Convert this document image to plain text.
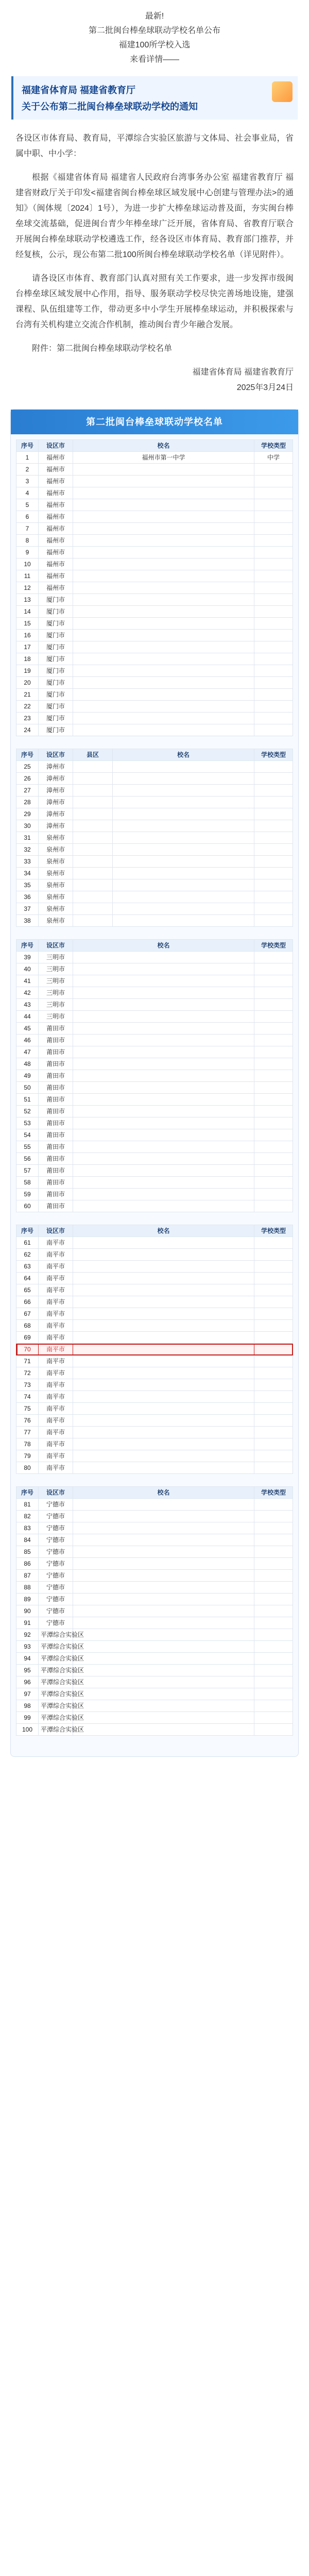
最新!
第二批闽台棒垒球联动学校名单公布
福建100所学校入选
来看详情——
福建省体育局 福建省教育厅
关于公布第二批闽台棒垒球联动学校的通知

各设区市体育局、教育局，平潭综合实验区旅游与文体局、社会事业局，省属中职、中小学：

根据《福建省体育局 福建省人民政府台湾事务办公室 福建省教育厅 福建省财政厅关于印发<福建省闽台棒垒球区域发展中心创建与管理办法>的通知》（闽体规〔2024〕1号），为进一步扩大棒垒球运动普及面，夯实闽台棒垒球交流基础，促进闽台青少年棒垒球广泛开展，省体育局、省教育厅联合开展闽台棒垒球联动学校遴选工作，经各设区市体育局、教育部门推荐，并经复核，公示，现公布第二批100所闽台棒垒球联动学校名单（详见附件）。

请各设区市体育、教育部门认真对照有关工作要求，进一步发挥市级闽台棒垒球区域发展中心作用，指导、服务联动学校尽快完善场地设施，建强课程、队伍组建等工作，带动更多中小学生开展棒垒球运动，并积极探索与台湾有关机构建立交流合作机制，推动闽台青少年融合发展。

附件：第二批闽台棒垒球联动学校名单

福建省体育局 福建省教育厅
2025年3月24日
第二批闽台棒垒球联动学校名单
序号	设区市	校名	学校类型
1	福州市	福州市第一中学	中学
2	福州市		
3	福州市		
4	福州市		
5	福州市		
6	福州市		
7	福州市		
8	福州市		
9	福州市		
10	福州市		
11	福州市		
12	福州市		
13	厦门市		
14	厦门市		
15	厦门市		
16	厦门市		
17	厦门市		
18	厦门市		
19	厦门市		
20	厦门市		
21	厦门市		
22	厦门市		
23	厦门市		
24	厦门市		
序号	设区市	县区	校名	学校类型
25	漳州市			
26	漳州市			
27	漳州市			
28	漳州市			
29	漳州市			
30	漳州市			
31	泉州市			
32	泉州市			
33	泉州市			
34	泉州市			
35	泉州市			
36	泉州市			
37	泉州市			
38	泉州市			
序号	设区市	校名	学校类型
39	三明市		
40	三明市		
41	三明市		
42	三明市		
43	三明市		
44	三明市		
45	莆田市		
46	莆田市		
47	莆田市		
48	莆田市		
49	莆田市		
50	莆田市		
51	莆田市		
52	莆田市		
53	莆田市		
54	莆田市		
55	莆田市		
56	莆田市		
57	莆田市		
58	莆田市		
59	莆田市		
60	莆田市		
序号	设区市	校名	学校类型
61	南平市		
62	南平市		
63	南平市		
64	南平市		
65	南平市		
66	南平市		
67	南平市		
68	南平市		
69	南平市		
70	南平市		
71	南平市		
72	南平市		
73	南平市		
74	南平市		
75	南平市		
76	南平市		
77	南平市		
78	南平市		
79	南平市		
80	南平市		
序号	设区市	校名	学校类型
81	宁德市		
82	宁德市		
83	宁德市		
84	宁德市		
85	宁德市		
86	宁德市		
87	宁德市		
88	宁德市		
89	宁德市		
90	宁德市		
91	宁德市		
92	平潭综合实验区		
93	平潭综合实验区		
94	平潭综合实验区		
95	平潭综合实验区		
96	平潭综合实验区		
97	平潭综合实验区		
98	平潭综合实验区		
99	平潭综合实验区		
100	平潭综合实验区		
